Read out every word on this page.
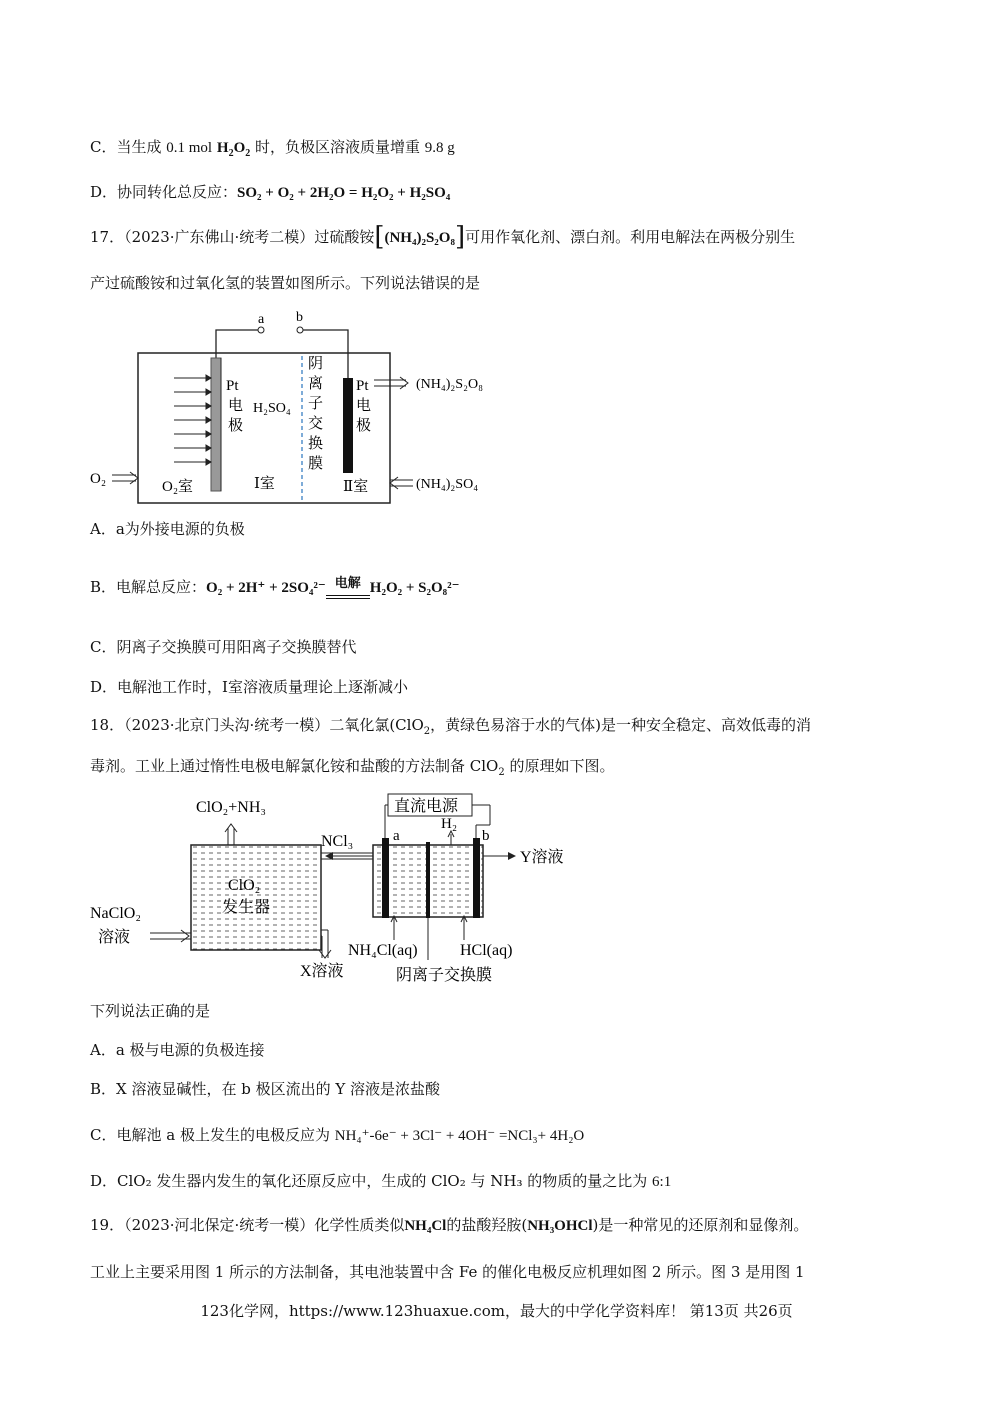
C．当生成 0.1 mol $H_2O_2$ 时，负极区溶液质量增重 9.8 g
D．协同转化总反应：SO₂ + O₂ + 2H₂O = H₂O₂ + H₂SO₄
17．（2023·广东佛山·统考二模）过硫酸铵[(NH₄)₂S₂O₈]可用作氧化剂、漂白剂。利用电解法在两极分别生
产过硫酸铵和过氧化氢的装置如图所示。下列说法错误的是
a b
Pt
电
极
H₂SO₄
阴
离
子
交
换
膜
Pt
电
极
O₂室	Ⅰ室	Ⅱ室
O₂
(NH₄)₂S₂O₈
(NH₄)₂SO₄
A．a为外接电源的负极
B．电解总反应：O₂ + 2H⁺ + 2SO₄²⁻ 电解 H₂O₂ + S₂O₈²⁻
C．阴离子交换膜可用阳离子交换膜替代
D．电解池工作时，Ⅰ室溶液质量理论上逐渐减小
18．（2023·北京门头沟·统考一模）二氧化氯(ClO$_2$，黄绿色易溶于水的气体)是一种安全稳定、高效低毒的消
毒剂。工业上通过惰性电极电解氯化铵和盐酸的方法制备 ClO$_2$ 的原理如下图。
ClO₂
发生器
ClO₂+NH₃
NaClO₂
溶液
X溶液
NCl₃
直流电源
a	b
H₂
Y溶液
NH₄Cl(aq)	HCl(aq)
阴离子交换膜
下列说法正确的是
A．a 极与电源的负极连接
B．X 溶液显碱性，在 b 极区流出的 Y 溶液是浓盐酸
C．电解池 a 极上发生的电极反应为 NH₄⁺-6e⁻ + 3Cl⁻ + 4OH⁻ =NCl₃+ 4H₂O
D．ClO₂ 发生器内发生的氧化还原反应中，生成的 ClO₂ 与 NH₃ 的物质的量之比为 6:1
19．（2023·河北保定·统考一模）化学性质类似NH₄Cl的盐酸羟胺(NH₃OHCl)是一种常见的还原剂和显像剂。
工业上主要采用图 1 所示的方法制备，其电池装置中含 Fe 的催化电极反应机理如图 2 所示。图 3 是用图 1
123化学网，https://www.123huaxue.com，最大的中学化学资料库！ 第13页 共26页
